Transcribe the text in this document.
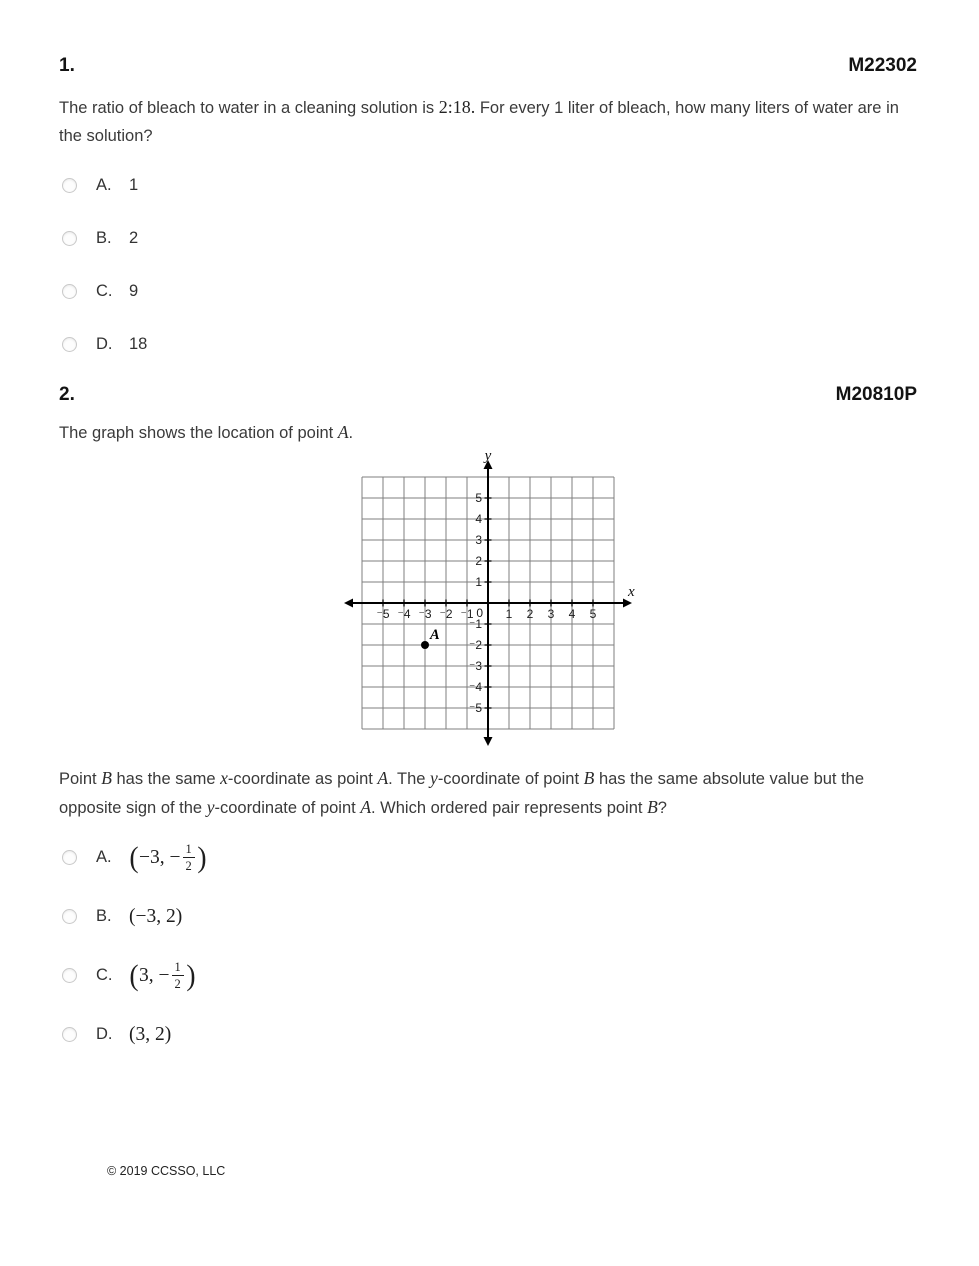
1.	M22302

The ratio of bleach to water in a cleaning solution is 2:18. For every 1 liter of bleach, how many liters of water are in the solution?

A.	1
B.	2
C.	9
D.	18
2.	M20810P

The graph shows the location of point A.

⁻5 ⁻4 ⁻3 ⁻2 ⁻1	1 2 3 4 5
5
4
3
2
1
⁻1
⁻2
⁻3
⁻4
⁻5
0
x
y
A

Point B has the same x-coordinate as point A. The y-coordinate of point B has the same absolute value but the opposite sign of the y-coordinate of point A. Which ordered pair represents point B?

A. ( −3, − $\frac{1}{2}$ )
B. (−3, 2)
C. ( 3, − $\frac{1}{2}$ )
D. (3, 2)
© 2019 CCSSO, LLC
